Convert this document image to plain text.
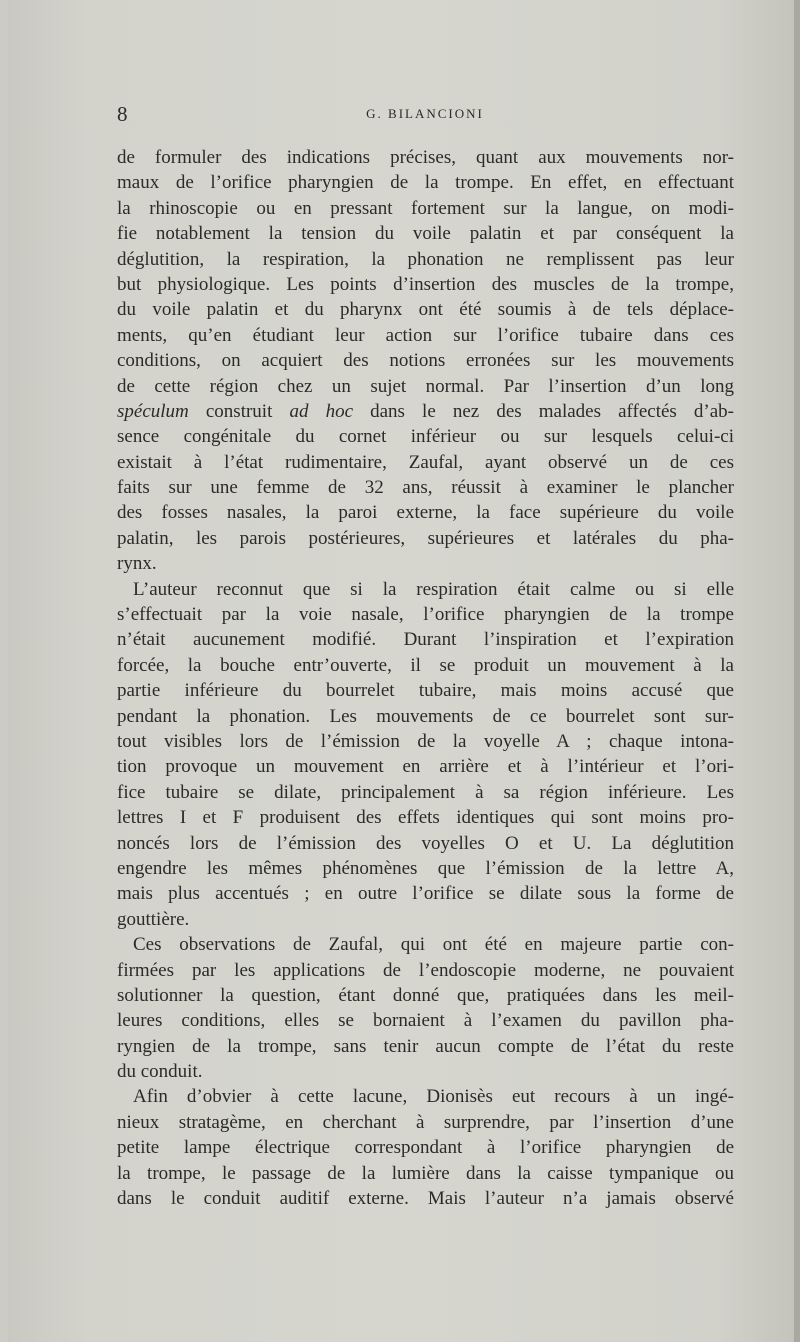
8	G. BILANCIONI
de formuler des indications précises, quant aux mouvements nor-
maux de l’orifice pharyngien de la trompe. En effet, en effectuant
la rhinoscopie ou en pressant fortement sur la langue, on modi-
fie notablement la tension du voile palatin et par conséquent la
déglutition, la respiration, la phonation ne remplissent pas leur
but physiologique. Les points d’insertion des muscles de la trompe,
du voile palatin et du pharynx ont été soumis à de tels déplace-
ments, qu’en étudiant leur action sur l’orifice tubaire dans ces
conditions, on acquiert des notions erronées sur les mouvements
de cette région chez un sujet normal. Par l’insertion d’un long
spéculum construit ad hoc dans le nez des malades affectés d’ab-
sence congénitale du cornet inférieur ou sur lesquels celui-ci
existait à l’état rudimentaire, Zaufal, ayant observé un de ces
faits sur une femme de 32 ans, réussit à examiner le plancher
des fosses nasales, la paroi externe, la face supérieure du voile
palatin, les parois postérieures, supérieures et latérales du pha-
rynx.
L’auteur reconnut que si la respiration était calme ou si elle
s’effectuait par la voie nasale, l’orifice pharyngien de la trompe
n’était aucunement modifié. Durant l’inspiration et l’expiration
forcée, la bouche entr’ouverte, il se produit un mouvement à la
partie inférieure du bourrelet tubaire, mais moins accusé que
pendant la phonation. Les mouvements de ce bourrelet sont sur-
tout visibles lors de l’émission de la voyelle A ; chaque intona-
tion provoque un mouvement en arrière et à l’intérieur et l’ori-
fice tubaire se dilate, principalement à sa région inférieure. Les
lettres I et F produisent des effets identiques qui sont moins pro-
noncés lors de l’émission des voyelles O et U. La déglutition
engendre les mêmes phénomènes que l’émission de la lettre A,
mais plus accentués ; en outre l’orifice se dilate sous la forme de
gouttière.
Ces observations de Zaufal, qui ont été en majeure partie con-
firmées par les applications de l’endoscopie moderne, ne pouvaient
solutionner la question, étant donné que, pratiquées dans les meil-
leures conditions, elles se bornaient à l’examen du pavillon pha-
ryngien de la trompe, sans tenir aucun compte de l’état du reste
du conduit.
Afin d’obvier à cette lacune, Dionisès eut recours à un ingé-
nieux stratagème, en cherchant à surprendre, par l’insertion d’une
petite lampe électrique correspondant à l’orifice pharyngien de
la trompe, le passage de la lumière dans la caisse tympanique ou
dans le conduit auditif externe. Mais l’auteur n’a jamais observé
